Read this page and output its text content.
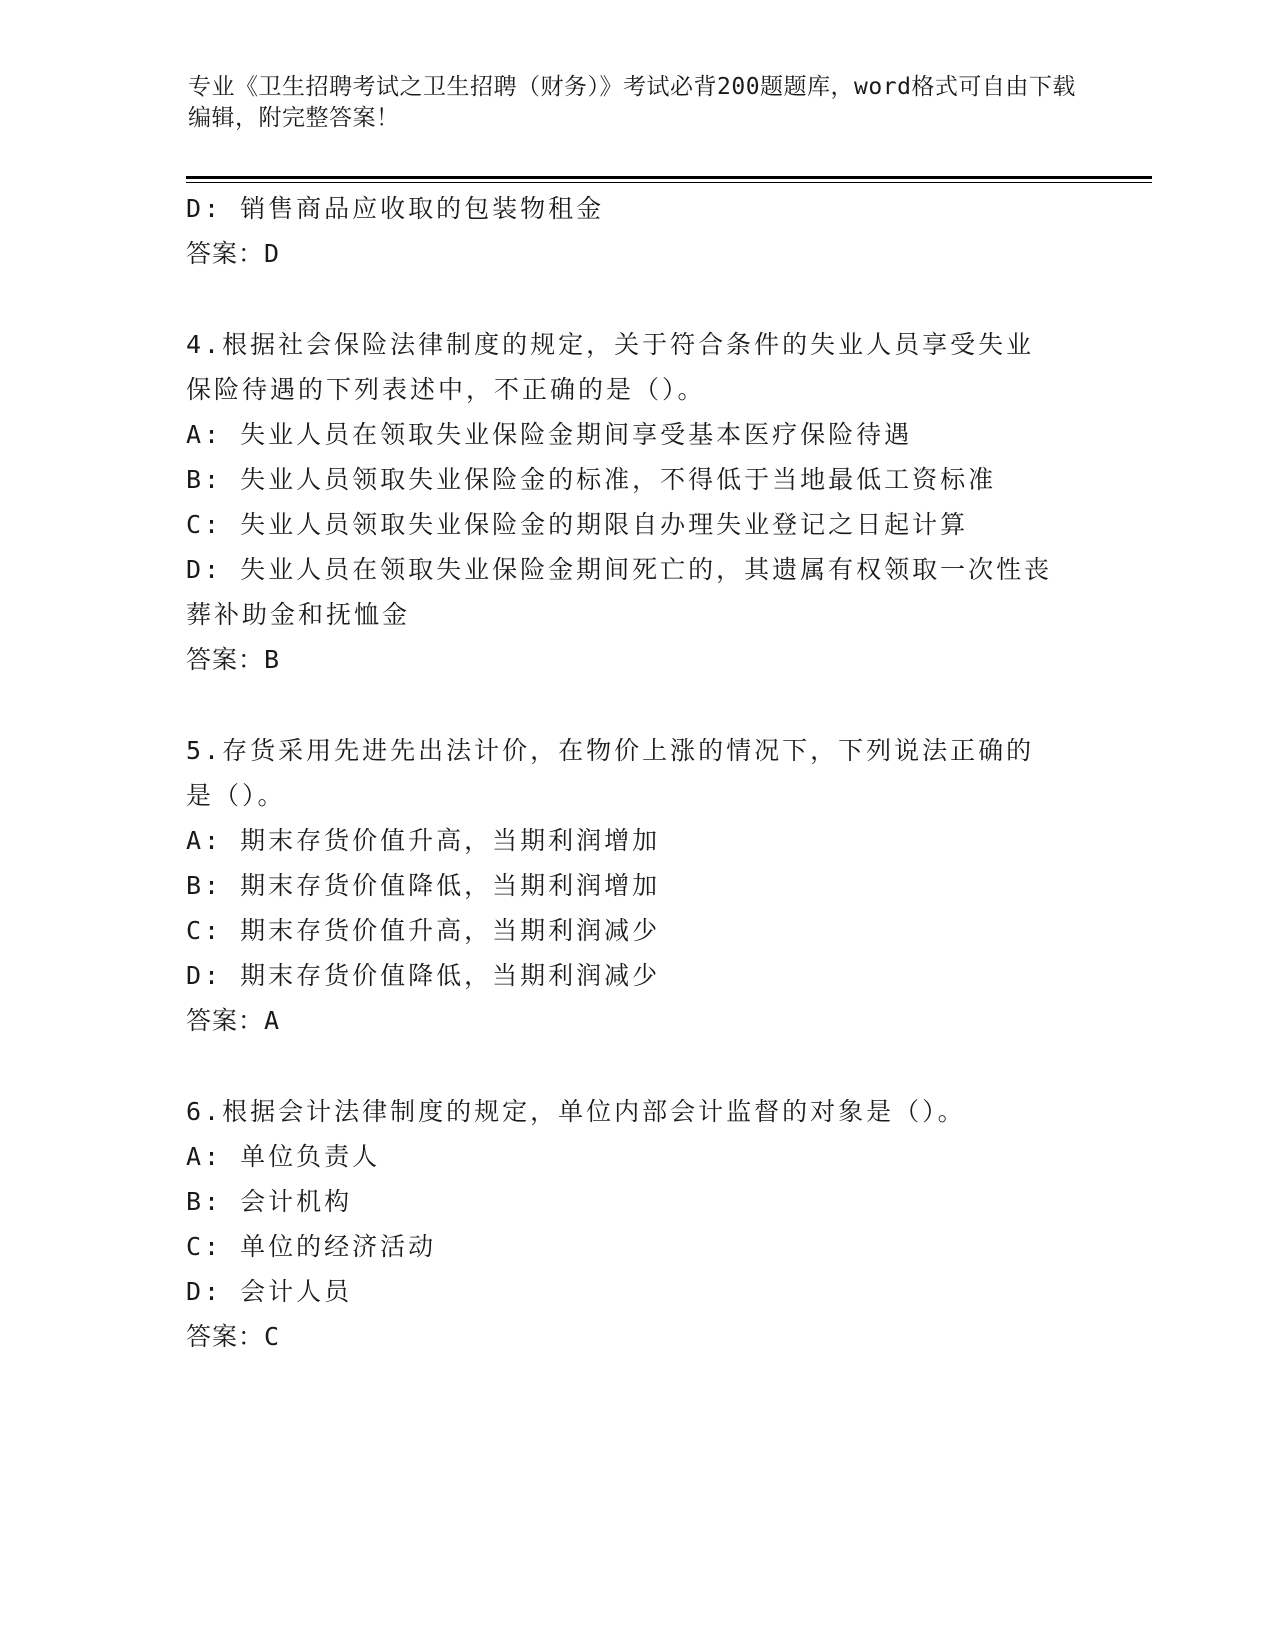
专业《卫生招聘考试之卫生招聘（财务）》考试必背200题题库，word格式可自由下载编辑，附完整答案！
D: 销售商品应收取的包装物租金
答案：D
4.根据社会保险法律制度的规定，关于符合条件的失业人员享受失业
保险待遇的下列表述中，不正确的是（）。
A: 失业人员在领取失业保险金期间享受基本医疗保险待遇
B: 失业人员领取失业保险金的标准，不得低于当地最低工资标准
C: 失业人员领取失业保险金的期限自办理失业登记之日起计算
D: 失业人员在领取失业保险金期间死亡的，其遗属有权领取一次性丧
葬补助金和抚恤金
答案：B
5.存货采用先进先出法计价，在物价上涨的情况下，下列说法正确的
是（）。
A: 期末存货价值升高，当期利润增加
B: 期末存货价值降低，当期利润增加
C: 期末存货价值升高，当期利润减少
D: 期末存货价值降低，当期利润减少
答案：A
6.根据会计法律制度的规定，单位内部会计监督的对象是（）。
A: 单位负责人
B: 会计机构
C: 单位的经济活动
D: 会计人员
答案：C
